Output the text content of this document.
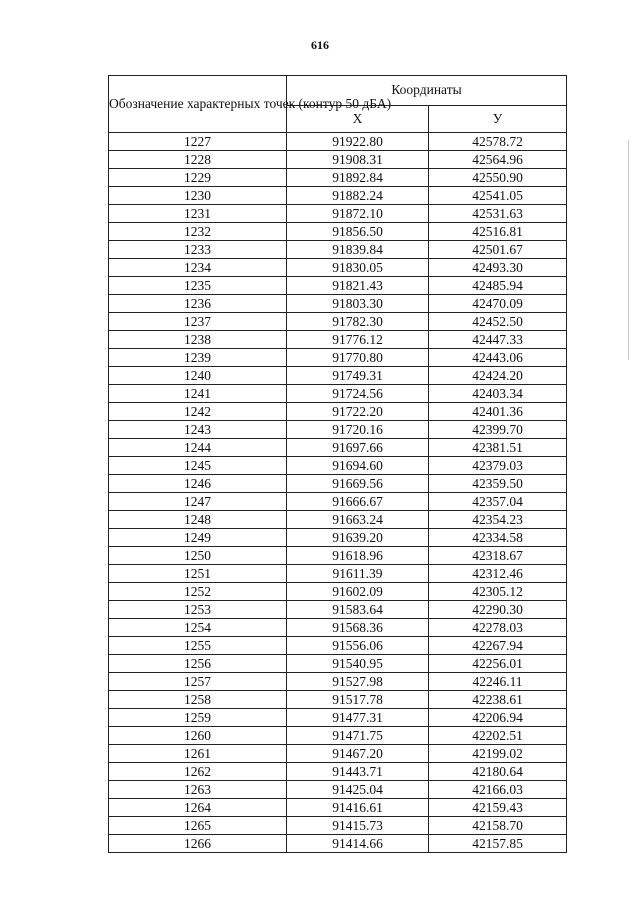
616
Обозначение характерных точек (контур 50 дБА)	Координаты	
	Х	У
1227	91922.80	42578.72
1228	91908.31	42564.96
1229	91892.84	42550.90
1230	91882.24	42541.05
1231	91872.10	42531.63
1232	91856.50	42516.81
1233	91839.84	42501.67
1234	91830.05	42493.30
1235	91821.43	42485.94
1236	91803.30	42470.09
1237	91782.30	42452.50
1238	91776.12	42447.33
1239	91770.80	42443.06
1240	91749.31	42424.20
1241	91724.56	42403.34
1242	91722.20	42401.36
1243	91720.16	42399.70
1244	91697.66	42381.51
1245	91694.60	42379.03
1246	91669.56	42359.50
1247	91666.67	42357.04
1248	91663.24	42354.23
1249	91639.20	42334.58
1250	91618.96	42318.67
1251	91611.39	42312.46
1252	91602.09	42305.12
1253	91583.64	42290.30
1254	91568.36	42278.03
1255	91556.06	42267.94
1256	91540.95	42256.01
1257	91527.98	42246.11
1258	91517.78	42238.61
1259	91477.31	42206.94
1260	91471.75	42202.51
1261	91467.20	42199.02
1262	91443.71	42180.64
1263	91425.04	42166.03
1264	91416.61	42159.43
1265	91415.73	42158.70
1266	91414.66	42157.85
